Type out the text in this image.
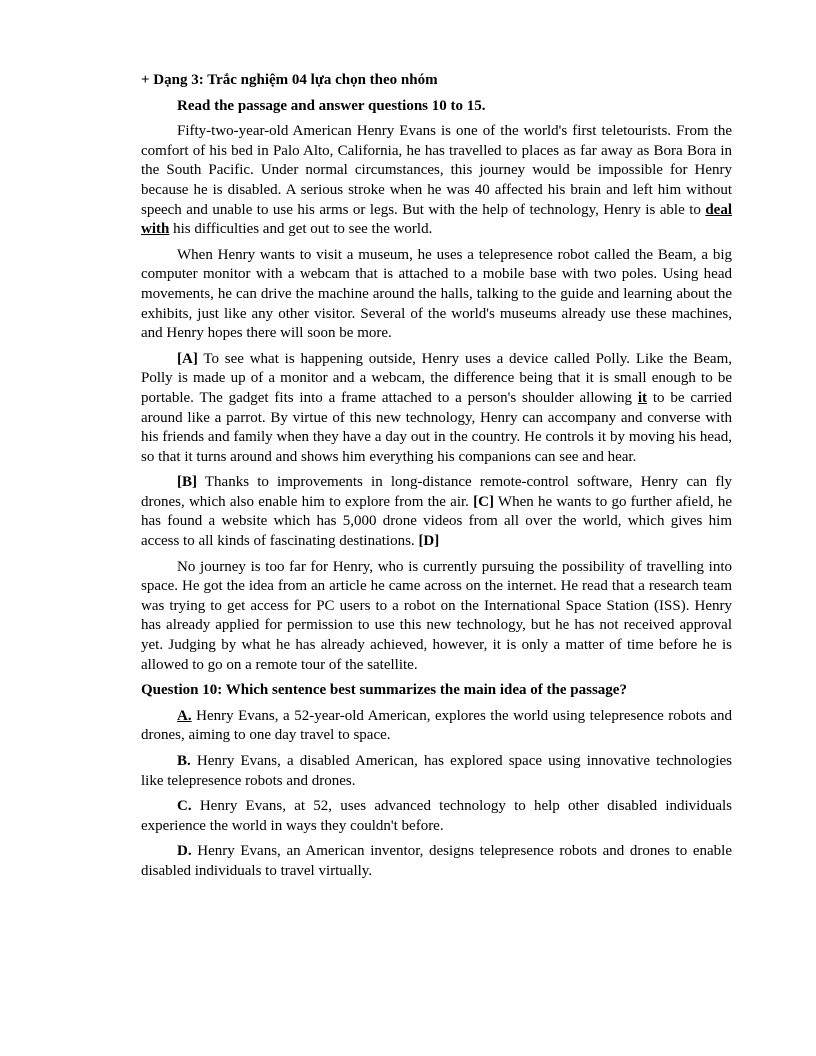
+ Dạng 3: Trắc nghiệm 04 lựa chọn theo nhóm

Read the passage and answer questions 10 to 15.

Fifty-two-year-old American Henry Evans is one of the world's first teletourists. From the comfort of his bed in Palo Alto, California, he has travelled to places as far away as Bora Bora in the South Pacific. Under normal circumstances, this journey would be impossible for Henry because he is disabled. A serious stroke when he was 40 affected his brain and left him without speech and unable to use his arms or legs. But with the help of technology, Henry is able to deal with his difficulties and get out to see the world.

When Henry wants to visit a museum, he uses a telepresence robot called the Beam, a big computer monitor with a webcam that is attached to a mobile base with two poles. Using head movements, he can drive the machine around the halls, talking to the guide and learning about the exhibits, just like any other visitor. Several of the world's museums already use these machines, and Henry hopes there will soon be more.

[A] To see what is happening outside, Henry uses a device called Polly. Like the Beam, Polly is made up of a monitor and a webcam, the difference being that it is small enough to be portable. The gadget fits into a frame attached to a person's shoulder allowing it to be carried around like a parrot. By virtue of this new technology, Henry can accompany and converse with his friends and family when they have a day out in the country. He controls it by moving his head, so that it turns around and shows him everything his companions can see and hear.

[B] Thanks to improvements in long-distance remote-control software, Henry can fly drones, which also enable him to explore from the air. [C] When he wants to go further afield, he has found a website which has 5,000 drone videos from all over the world, which gives him access to all kinds of fascinating destinations. [D]

No journey is too far for Henry, who is currently pursuing the possibility of travelling into space. He got the idea from an article he came across on the internet. He read that a research team was trying to get access for PC users to a robot on the International Space Station (ISS). Henry has already applied for permission to use this new technology, but he has not received approval yet. Judging by what he has already achieved, however, it is only a matter of time before he is allowed to go on a remote tour of the satellite.

Question 10: Which sentence best summarizes the main idea of the passage?

A. Henry Evans, a 52-year-old American, explores the world using telepresence robots and drones, aiming to one day travel to space.

B. Henry Evans, a disabled American, has explored space using innovative technologies like telepresence robots and drones.

C. Henry Evans, at 52, uses advanced technology to help other disabled individuals experience the world in ways they couldn't before.

D. Henry Evans, an American inventor, designs telepresence robots and drones to enable disabled individuals to travel virtually.
